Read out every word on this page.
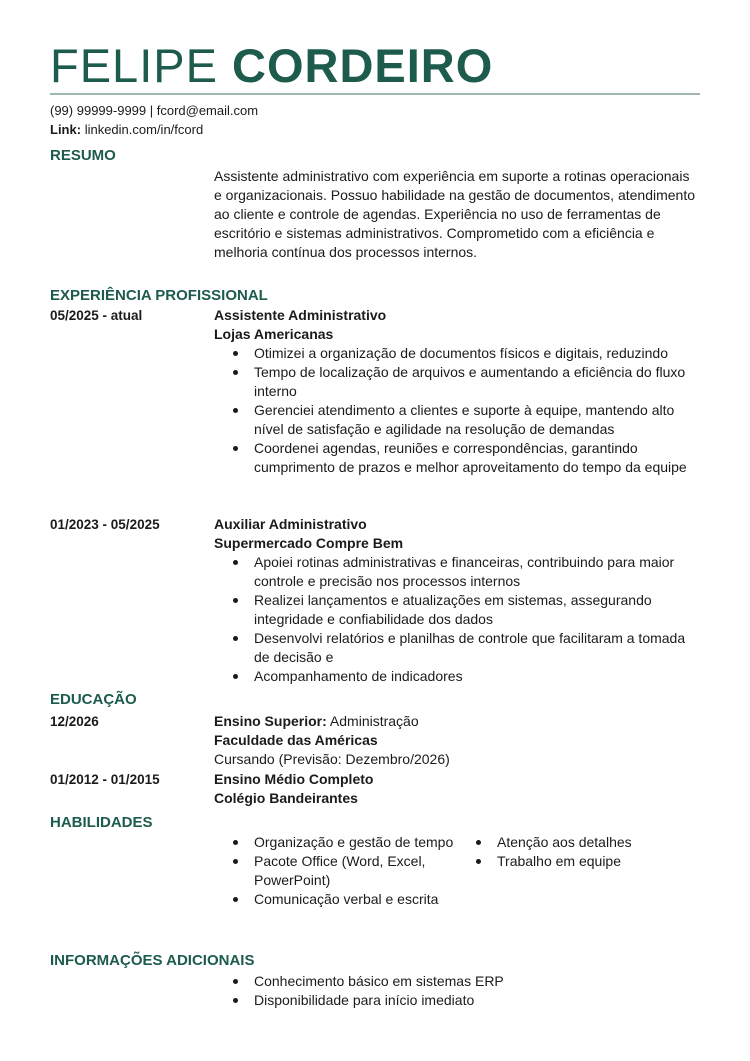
FELIPE CORDEIRO
(99) 99999-9999 | fcord@email.com
Link: linkedin.com/in/fcord
RESUMO

Assistente administrativo com experiência em suporte a rotinas operacionais e organizacionais. Possuo habilidade na gestão de documentos, atendimento ao cliente e controle de agendas. Experiência no uso de ferramentas de escritório e sistemas administrativos. Comprometido com a eficiência e melhoria contínua dos processos internos.

EXPERIÊNCIA PROFISSIONAL
05/2025 - atual	Assistente Administrativo
Lojas Americanas
Otimizei a organização de documentos físicos e digitais, reduzindo
Tempo de localização de arquivos e aumentando a eficiência do fluxo interno
Gerenciei atendimento a clientes e suporte à equipe, mantendo alto nível de satisfação e agilidade na resolução de demandas
Coordenei agendas, reuniões e correspondências, garantindo cumprimento de prazos e melhor aproveitamento do tempo da equipe
01/2023 - 05/2025	Auxiliar Administrativo
Supermercado Compre Bem
Apoiei rotinas administrativas e financeiras, contribuindo para maior controle e precisão nos processos internos
Realizei lançamentos e atualizações em sistemas, assegurando integridade e confiabilidade dos dados
Desenvolvi relatórios e planilhas de controle que facilitaram a tomada de decisão e
Acompanhamento de indicadores
EDUCAÇÃO
12/2026	Ensino Superior: Administração
Faculdade das Américas
Cursando (Previsão: Dezembro/2026)
01/2012 - 01/2015	Ensino Médio Completo
Colégio Bandeirantes
HABILIDADES
Organização e gestão de tempo
Pacote Office (Word, Excel, PowerPoint)
Comunicação verbal e escrita
Atenção aos detalhes
Trabalho em equipe
INFORMAÇÕES ADICIONAIS
Conhecimento básico em sistemas ERP
Disponibilidade para início imediato
